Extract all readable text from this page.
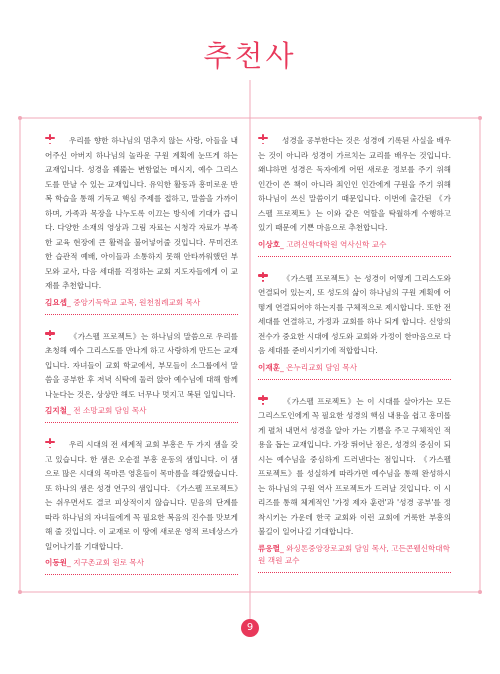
추천사

우리를 향한 하나님의 멈추지 않는 사랑, 아들을 내어주신 아버지 하나님의 놀라운 구원 계획에 눈뜨게 하는 교재입니다. 성경을 꿰뚫는 변함없는 메시지, 예수 그리스도를 만날 수 있는 교재입니다. 유익한 활동과 흥미로운 반복 학습을 통해 기독교 핵심 주제를 접하고, 말씀을 가까이하며, 가족과 목장을 나누도록 이끄는 방식에 기대가 큽니다. 다양한 소재의 영상과 그림 자료는 시청각 자료가 부족한 교육 현장에 큰 활력을 불어넣어줄 것입니다. 무미건조한 습관적 예배, 아이들과 소통하지 못해 안타까워했던 부모와 교사, 다음 세대를 걱정하는 교회 지도자들에게 이 교재를 추천합니다.

김요셉_ 중앙기독학교 교목, 원천침례교회 목사

《가스펠 프로젝트》는 하나님의 말씀으로 우리를 초청해 예수 그리스도를 만나게 하고 사랑하게 만드는 교재입니다. 자녀들이 교회 학교에서, 부모들이 소그룹에서 말씀을 공부한 후 저녁 식탁에 둘러 앉아 예수님에 대해 함께 나눈다는 것은, 상상만 해도 너무나 멋지고 복된 일입니다.

김지철_ 전 소망교회 담임 목사

우리 시대의 전 세계적 교회 부흥은 두 가지 샘을 갖고 있습니다. 한 샘은 오순절 부흥 운동의 샘입니다. 이 샘으로 많은 시대의 목마른 영혼들이 목마름을 해갈했습니다. 또 하나의 샘은 성경 연구의 샘입니다. 《가스펠 프로젝트》는 쉬우면서도 결코 피상적이지 않습니다. 믿음의 단계를 따라 하나님의 자녀들에게 꼭 필요한 복음의 진수를 맛보게 해 줄 것입니다. 이 교재로 이 땅에 새로운 영적 르네상스가 일어나기를 기대합니다.

이동원_ 지구촌교회 원로 목사

성경을 공부한다는 것은 성경에 기록된 사실을 배우는 것이 아니라 성경이 가르치는 교리를 배우는 것입니다. 왜냐하면 성경은 독자에게 어떤 새로운 정보를 주기 위해 인간이 쓴 책이 아니라 죄인인 인간에게 구원을 주기 위해 하나님이 쓰신 말씀이기 때문입니다. 이번에 출간된 《가스펠 프로젝트》는 이와 같은 역할을 탁월하게 수행하고 있기 때문에 기쁜 마음으로 추천합니다.

이상호_ 고려신학대학원 역사신학 교수

《가스펠 프로젝트》는 성경이 어떻게 그리스도와 연결되어 있는지, 또 성도의 삶이 하나님의 구원 계획에 어떻게 연결되어야 하는지를 구체적으로 제시합니다. 또한 전 세대를 연결하고, 가정과 교회를 하나 되게 합니다. 신앙의 전수가 중요한 시대에 성도와 교회와 가정이 한마음으로 다음 세대를 준비시키기에 적합합니다.

이재훈_ 온누리교회 담임 목사

《가스펠 프로젝트》는 이 시대를 살아가는 모든 그리스도인에게 꼭 필요한 성경의 핵심 내용을 쉽고 흥미롭게 펼쳐 내면서 성경을 알아 가는 기쁨을 주고 구체적인 적용을 돕는 교재입니다. 가장 뛰어난 점은, 성경의 중심이 되시는 예수님을 중심하게 드러낸다는 점입니다. 《가스펠 프로젝트》를 성실하게 따라가면 예수님을 통해 완성하시는 하나님의 구원 역사 프로젝트가 드러날 것입니다. 이 시리즈를 통해 체계적인 '가정 제자 훈련'과 '성경 공부'를 정착시키는 가운데 한국 교회와 이런 교회에 거룩한 부흥의 불길이 일어나길 기대합니다.

류응렬_ 와싱톤중앙장로교회 담임 목사, 고든콘웰신학대학원 객원 교수
9
